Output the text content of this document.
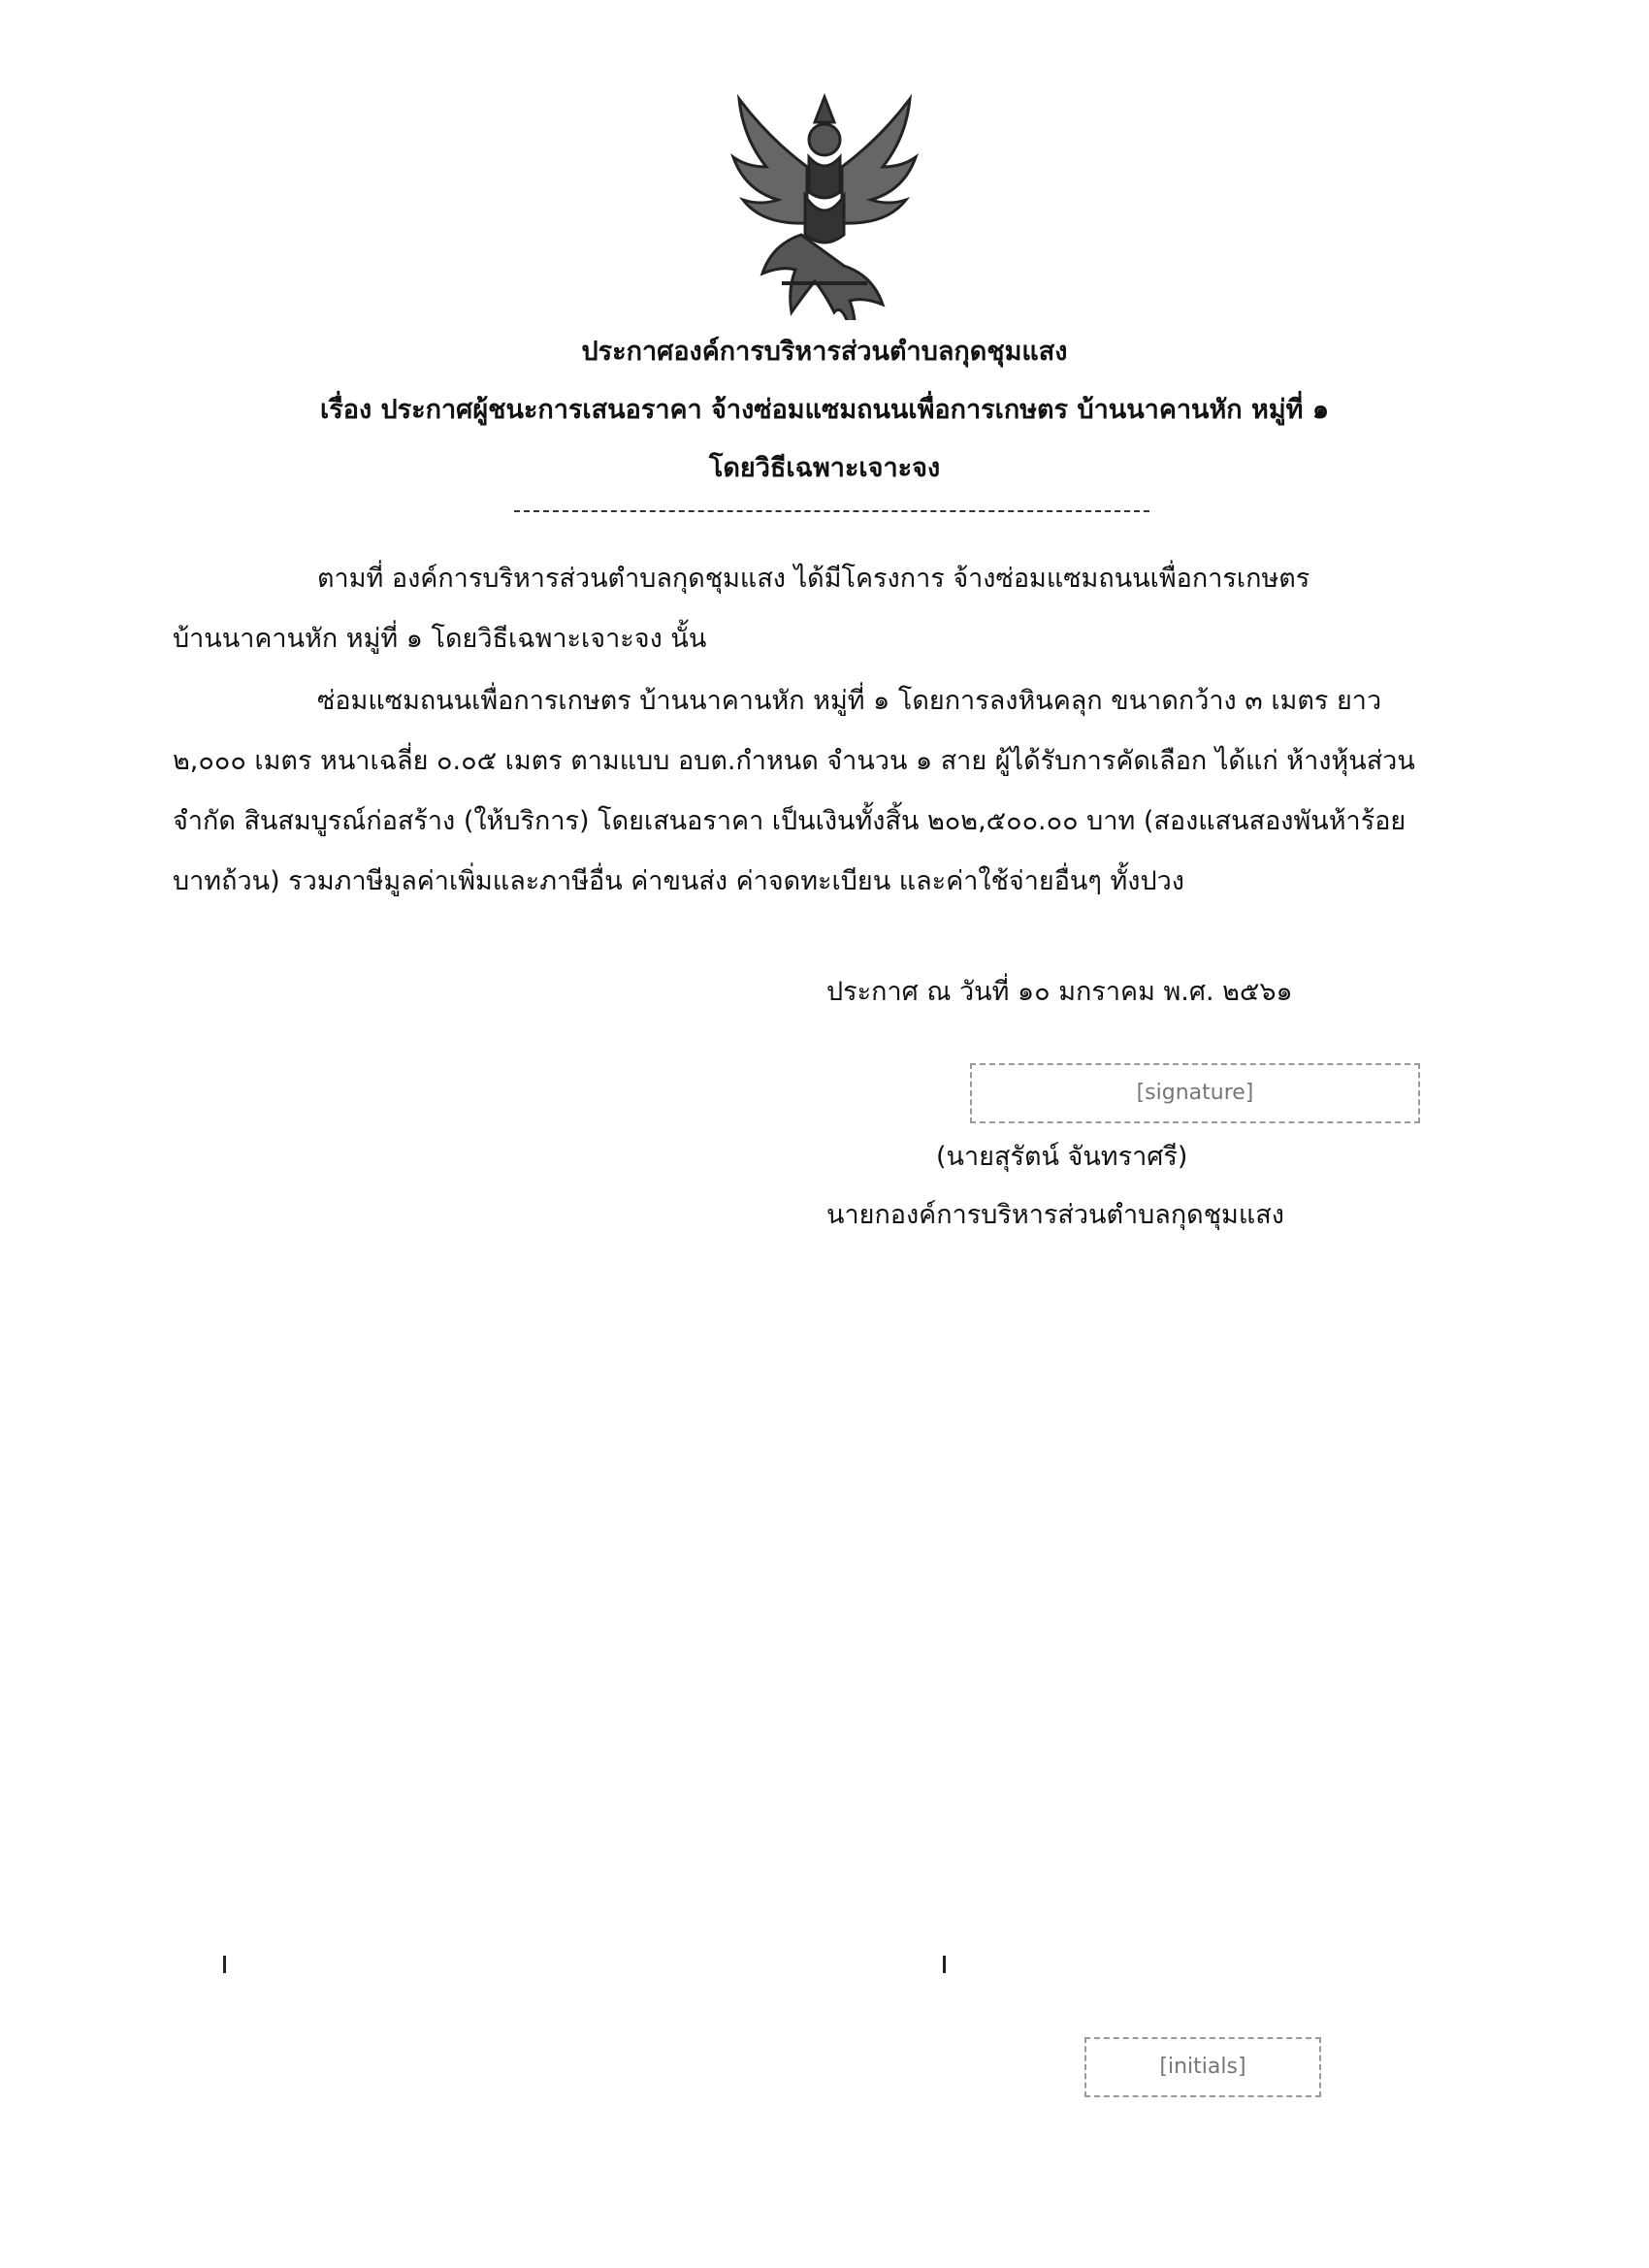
ประกาศองค์การบริหารส่วนตำบลกุดชุมแสง
เรื่อง ประกาศผู้ชนะการเสนอราคา จ้างซ่อมแซมถนนเพื่อการเกษตร บ้านนาคานหัก หมู่ที่ ๑
โดยวิธีเฉพาะเจาะจง
ตามที่ องค์การบริหารส่วนตำบลกุดชุมแสง ได้มีโครงการ จ้างซ่อมแซมถนนเพื่อการเกษตร
บ้านนาคานหัก หมู่ที่ ๑ โดยวิธีเฉพาะเจาะจง นั้น
ซ่อมแซมถนนเพื่อการเกษตร บ้านนาคานหัก หมู่ที่ ๑ โดยการลงหินคลุก ขนาดกว้าง ๓ เมตร ยาว
๒,๐๐๐ เมตร หนาเฉลี่ย ๐.๐๕ เมตร ตามแบบ อบต.กำหนด จำนวน ๑ สาย ผู้ได้รับการคัดเลือก ได้แก่ ห้างหุ้นส่วน
จำกัด สินสมบูรณ์ก่อสร้าง (ให้บริการ) โดยเสนอราคา เป็นเงินทั้งสิ้น ๒๐๒,๕๐๐.๐๐ บาท (สองแสนสองพันห้าร้อย
บาทถ้วน) รวมภาษีมูลค่าเพิ่มและภาษีอื่น ค่าขนส่ง ค่าจดทะเบียน และค่าใช้จ่ายอื่นๆ ทั้งปวง
ประกาศ ณ วันที่ ๑๐ มกราคม พ.ศ. ๒๕๖๑
[signature]
(นายสุรัตน์ จันทราศรี)
นายกองค์การบริหารส่วนตำบลกุดชุมแสง
[initials]
